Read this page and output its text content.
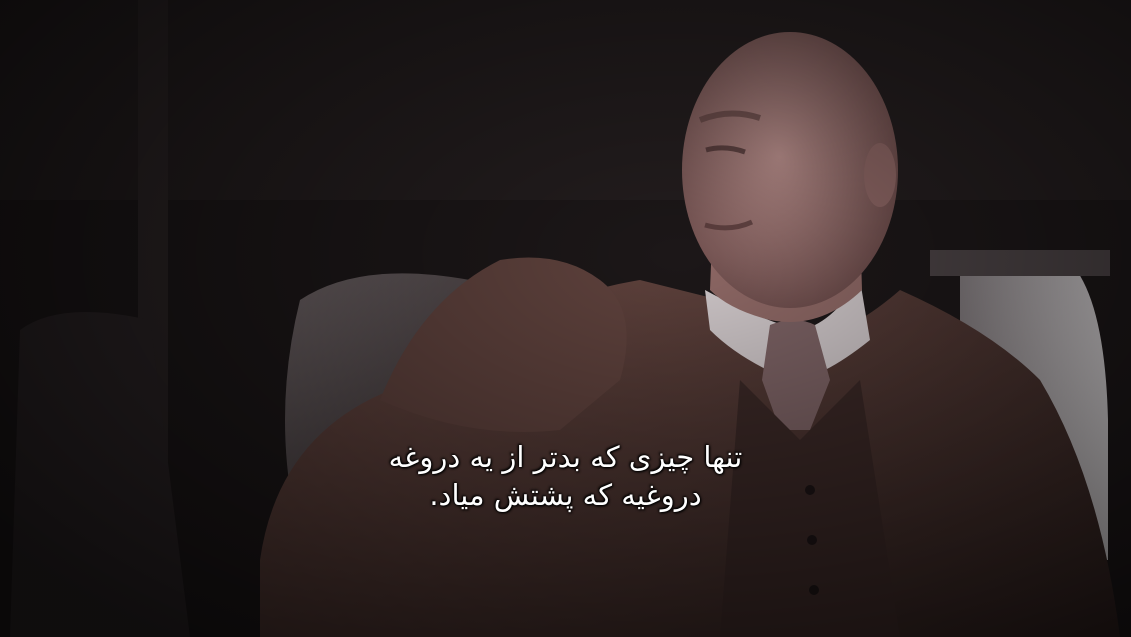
تنها چیزی که بدتر از یه دروغه
دروغیه که پشتش میاد.
